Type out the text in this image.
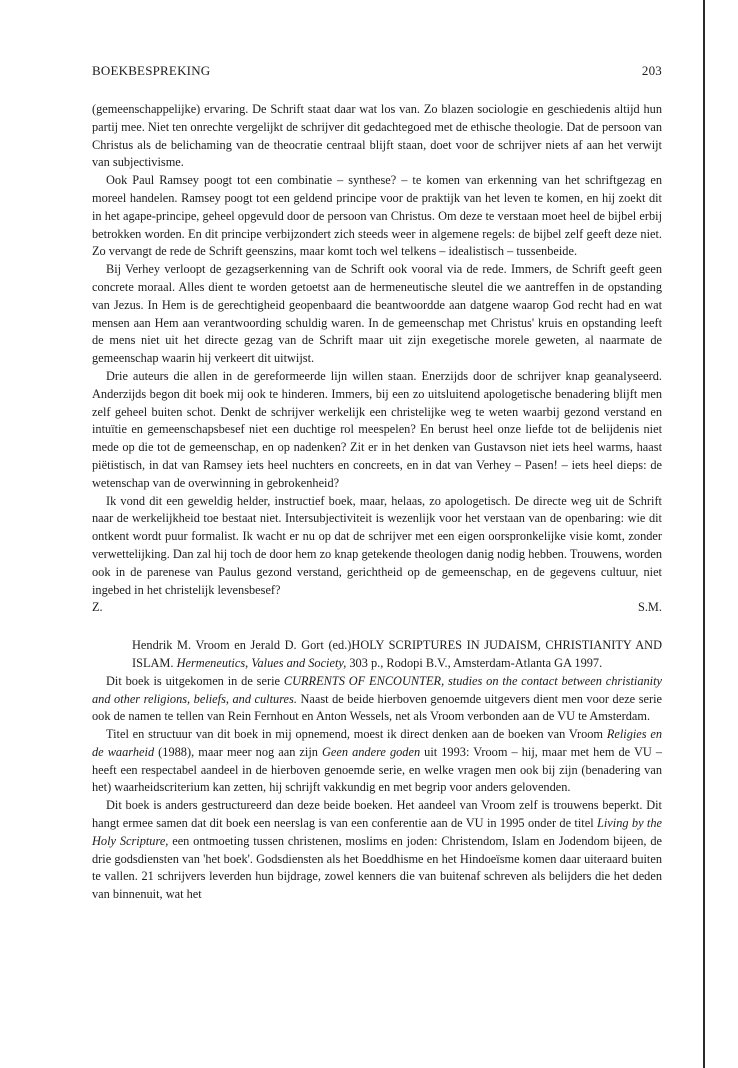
BOEKBESPREKING	203

(gemeenschappelijke) ervaring. De Schrift staat daar wat los van. Zo blazen sociologie en geschiedenis altijd hun partij mee. Niet ten onrechte vergelijkt de schrijver dit gedachtegoed met de ethische theologie. Dat de persoon van Christus als de belichaming van de theocratie centraal blijft staan, doet voor de schrijver niets af aan het verwijt van subjectivisme.

Ook Paul Ramsey poogt tot een combinatie – synthese? – te komen van erkenning van het schriftgezag en moreel handelen. Ramsey poogt tot een geldend principe voor de praktijk van het leven te komen, en hij zoekt dit in het agape-principe, geheel opgevuld door de persoon van Christus. Om deze te verstaan moet heel de bijbel erbij betrokken worden. En dit principe verbijzondert zich steeds weer in algemene regels: de bijbel zelf geeft deze niet. Zo vervangt de rede de Schrift geenszins, maar komt toch wel telkens – idealistisch – tussenbeide.

Bij Verhey verloopt de gezagserkenning van de Schrift ook vooral via de rede. Immers, de Schrift geeft geen concrete moraal. Alles dient te worden getoetst aan de hermeneutische sleutel die we aantreffen in de opstanding van Jezus. In Hem is de gerechtigheid geopenbaard die beantwoordde aan datgene waarop God recht had en wat mensen aan Hem aan verantwoording schuldig waren. In de gemeenschap met Christus' kruis en opstanding leeft de mens niet uit het directe gezag van de Schrift maar uit zijn exegetische morele geweten, al naarmate de gemeenschap waarin hij verkeert dit uitwijst.

Drie auteurs die allen in de gereformeerde lijn willen staan. Enerzijds door de schrijver knap geanalyseerd. Anderzijds begon dit boek mij ook te hinderen. Immers, bij een zo uitsluitend apologetische benadering blijft men zelf geheel buiten schot. Denkt de schrijver werkelijk een christelijke weg te weten waarbij gezond verstand en intuïtie en gemeenschapsbesef niet een duchtige rol meespelen? En berust heel onze liefde tot de belijdenis niet mede op die tot de gemeenschap, en op nadenken? Zit er in het denken van Gustavson niet iets heel warms, haast piëtistisch, in dat van Ramsey iets heel nuchters en concreets, en in dat van Verhey – Pasen! – iets heel dieps: de wetenschap van de overwinning in gebrokenheid?

Ik vond dit een geweldig helder, instructief boek, maar, helaas, zo apologetisch. De directe weg uit de Schrift naar de werkelijkheid toe bestaat niet. Intersubjectiviteit is wezenlijk voor het verstaan van de openbaring: wie dit ontkent wordt puur formalist. Ik wacht er nu op dat de schrijver met een eigen oorspronkelijke visie komt, zonder verwettelijking. Dan zal hij toch de door hem zo knap getekende theologen danig nodig hebben. Trouwens, worden ook in de parenese van Paulus gezond verstand, gerichtheid op de gemeenschap, en de gegevens cultuur, niet ingebed in het christelijk levensbesef?

Z.	S.M.

Hendrik M. Vroom en Jerald D. Gort (ed.)HOLY SCRIPTURES IN JUDAISM, CHRISTIANITY AND ISLAM. Hermeneutics, Values and Society, 303 p., Rodopi B.V., Amsterdam-Atlanta GA 1997.

Dit boek is uitgekomen in de serie CURRENTS OF ENCOUNTER, studies on the contact between christianity and other religions, beliefs, and cultures. Naast de beide hierboven genoemde uitgevers dient men voor deze serie ook de namen te tellen van Rein Fernhout en Anton Wessels, net als Vroom verbonden aan de VU te Amsterdam.

Titel en structuur van dit boek in mij opnemend, moest ik direct denken aan de boeken van Vroom Religies en de waarheid (1988), maar meer nog aan zijn Geen andere goden uit 1993: Vroom – hij, maar met hem de VU – heeft een respectabel aandeel in de hierboven genoemde serie, en welke vragen men ook bij zijn (benadering van het) waarheidscriterium kan zetten, hij schrijft vakkundig en met begrip voor anders gelovenden.

Dit boek is anders gestructureerd dan deze beide boeken. Het aandeel van Vroom zelf is trouwens beperkt. Dit hangt ermee samen dat dit boek een neerslag is van een conferentie aan de VU in 1995 onder de titel Living by the Holy Scripture, een ontmoeting tussen christenen, moslims en joden: Christendom, Islam en Jodendom bijeen, de drie godsdiensten van 'het boek'. Godsdiensten als het Boeddhisme en het Hindoeïsme komen daar uiteraard buiten te vallen. 21 schrijvers leverden hun bijdrage, zowel kenners die van buitenaf schreven als belijders die het deden van binnenuit, wat het
